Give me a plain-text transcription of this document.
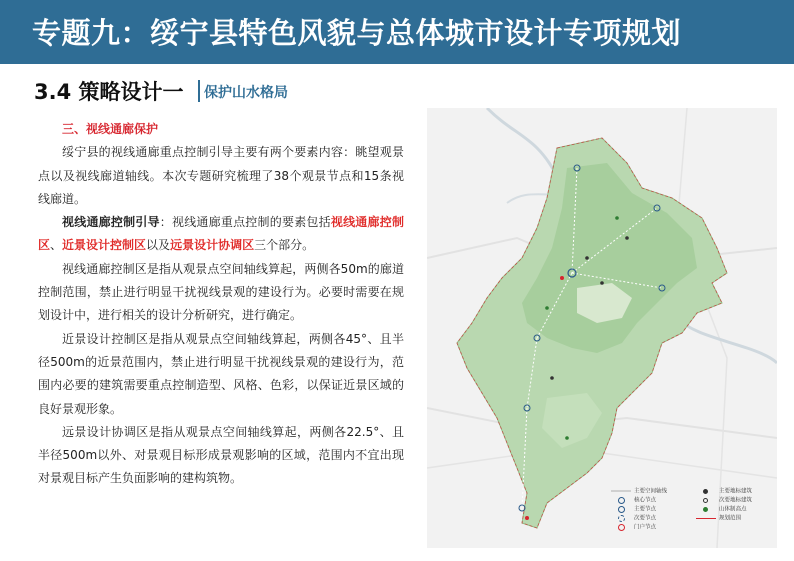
专题九：绥宁县特色风貌与总体城市设计专项规划
3.4 策略设计一 保护山水格局

三、视线通廊保护

绥宁县的视线通廊重点控制引导主要有两个要素内容：眺望观景点以及视线廊道轴线。本次专题研究梳理了38个观景节点和15条视线廊道。

视线通廊控制引导：视线通廊重点控制的要素包括视线通廊控制区、近景设计控制区以及远景设计协调区三个部分。

视线通廊控制区是指从观景点空间轴线算起，两侧各50m的廊道控制范围，禁止进行明显干扰视线景观的建设行为。必要时需要在规划设计中，进行相关的设计分析研究，进行确定。

近景设计控制区是指从观景点空间轴线算起，两侧各45°、且半径500m的近景范围内，禁止进行明显干扰视线景观的建设行为，范围内必要的建筑需要重点控制造型、风格、色彩，以保证近景区域的良好景观形象。

远景设计协调区是指从观景点空间轴线算起，两侧各22.5°、且半径500m以外、对景观目标形成景观影响的区域，范围内不宜出现对景观目标产生负面影响的建构筑物。

主要空间轴线
核心节点
主要节点
次要节点
门户节点
主要地标建筑
次要地标建筑
山体制高点
规划范围
